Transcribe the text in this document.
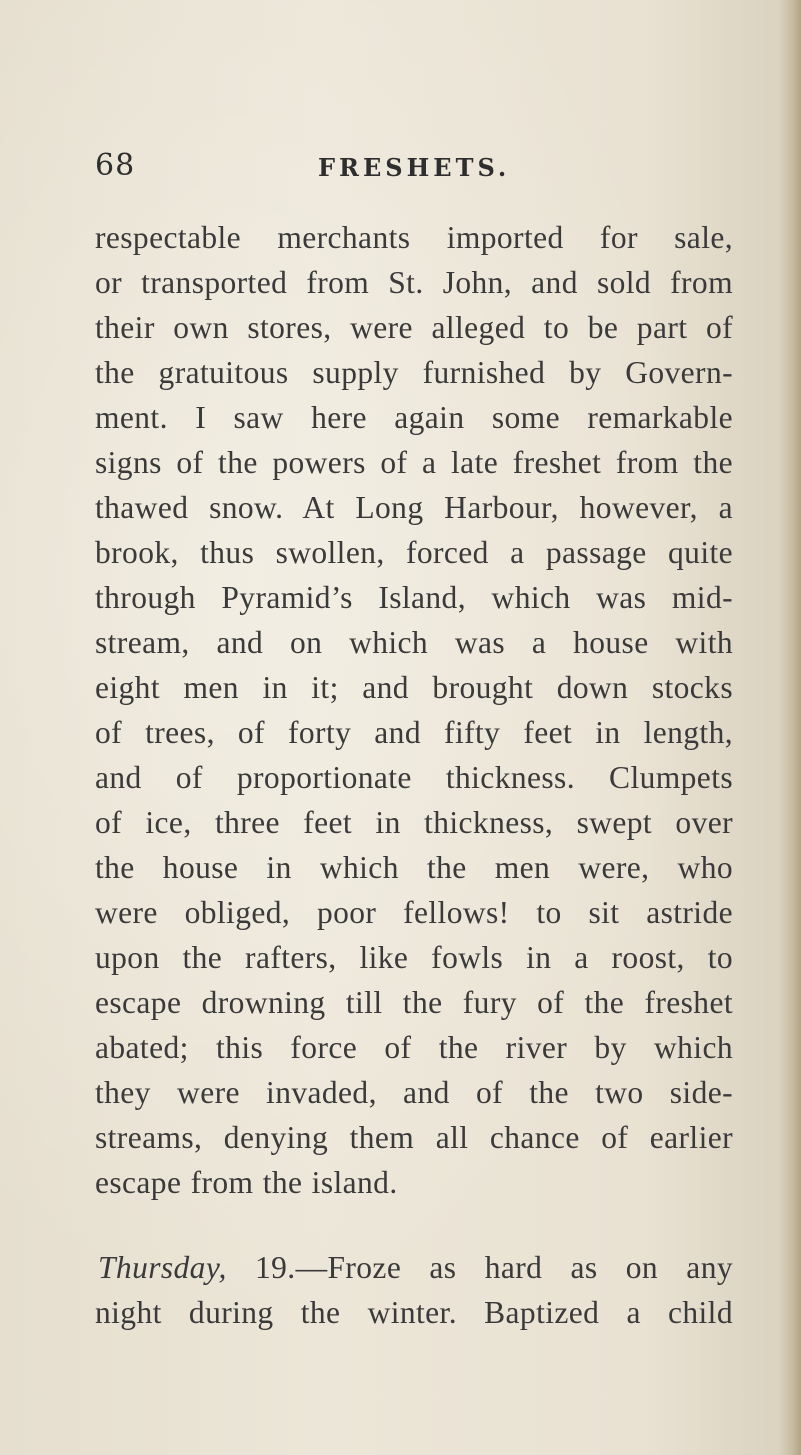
68	FRESHETS.
respectable merchants imported for sale,
or transported from St. John, and sold from
their own stores, were alleged to be part of
the gratuitous supply furnished by Govern-
ment. I saw here again some remarkable
signs of the powers of a late freshet from the
thawed snow. At Long Harbour, however, a
brook, thus swollen, forced a passage quite
through Pyramid’s Island, which was mid-
stream, and on which was a house with
eight men in it; and brought down stocks
of trees, of forty and fifty feet in length,
and of proportionate thickness. Clumpets
of ice, three feet in thickness, swept over
the house in which the men were, who
were obliged, poor fellows! to sit astride
upon the rafters, like fowls in a roost, to
escape drowning till the fury of the freshet
abated; this force of the river by which
they were invaded, and of the two side-
streams, denying them all chance of earlier
escape from the island.
Thursday, 19.—Froze as hard as on any
night during the winter. Baptized a child
